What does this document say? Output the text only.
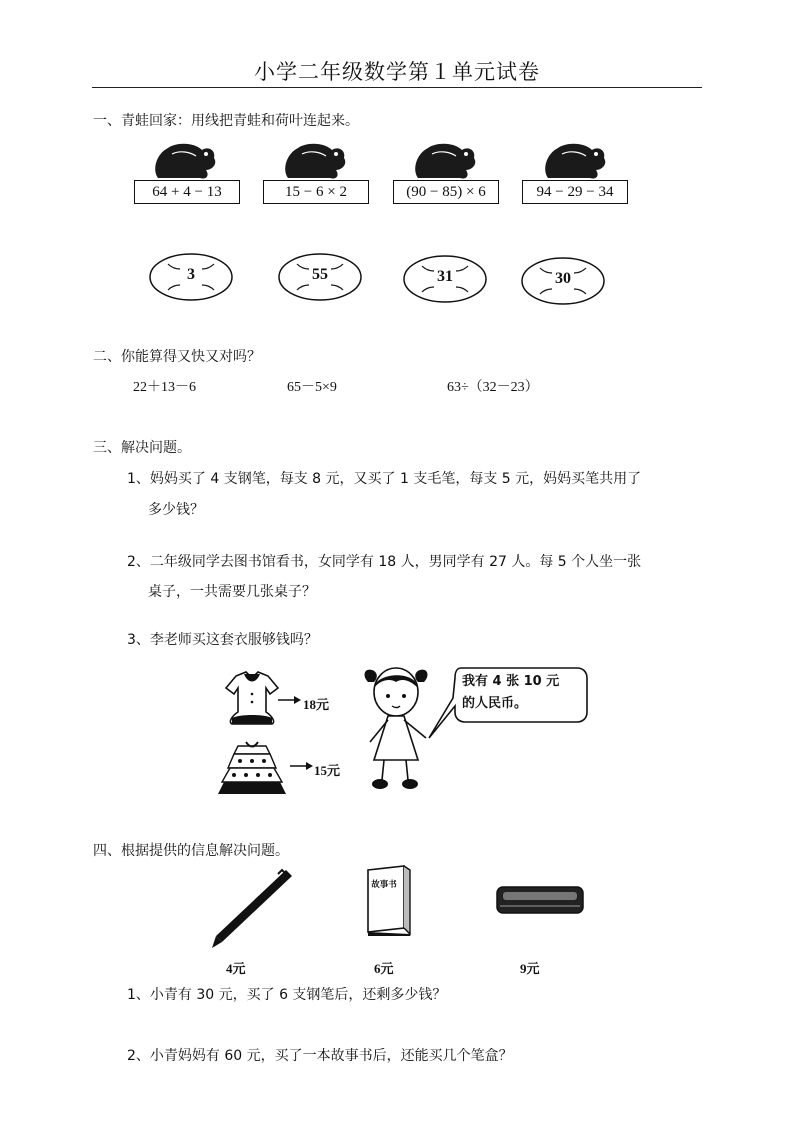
小学二年级数学第１单元试卷
一、青蛙回家：用线把青蛙和荷叶连起来。
64 + 4 − 13	15 − 6 × 2	(90 − 85) × 6	94 − 29 − 34
3	55	31	30
二、你能算得又快又对吗？
22＋13－6	65－5×9	63÷（32－23）
三、解决问题。
1、妈妈买了 4 支钢笔，每支 8 元，又买了 1 支毛笔，每支 5 元，妈妈买笔共用了
多少钱？
2、二年级同学去图书馆看书，女同学有 18 人，男同学有 27 人。每 5 个人坐一张
桌子，一共需要几张桌子？
3、李老师买这套衣服够钱吗？
18元
15元
我有 4 张 10 元
的人民币。
四、根据提供的信息解决问题。
故事书
4元	6元	9元
1、小青有 30 元，买了 6 支钢笔后，还剩多少钱？
2、小青妈妈有 60 元，买了一本故事书后，还能买几个笔盒？
